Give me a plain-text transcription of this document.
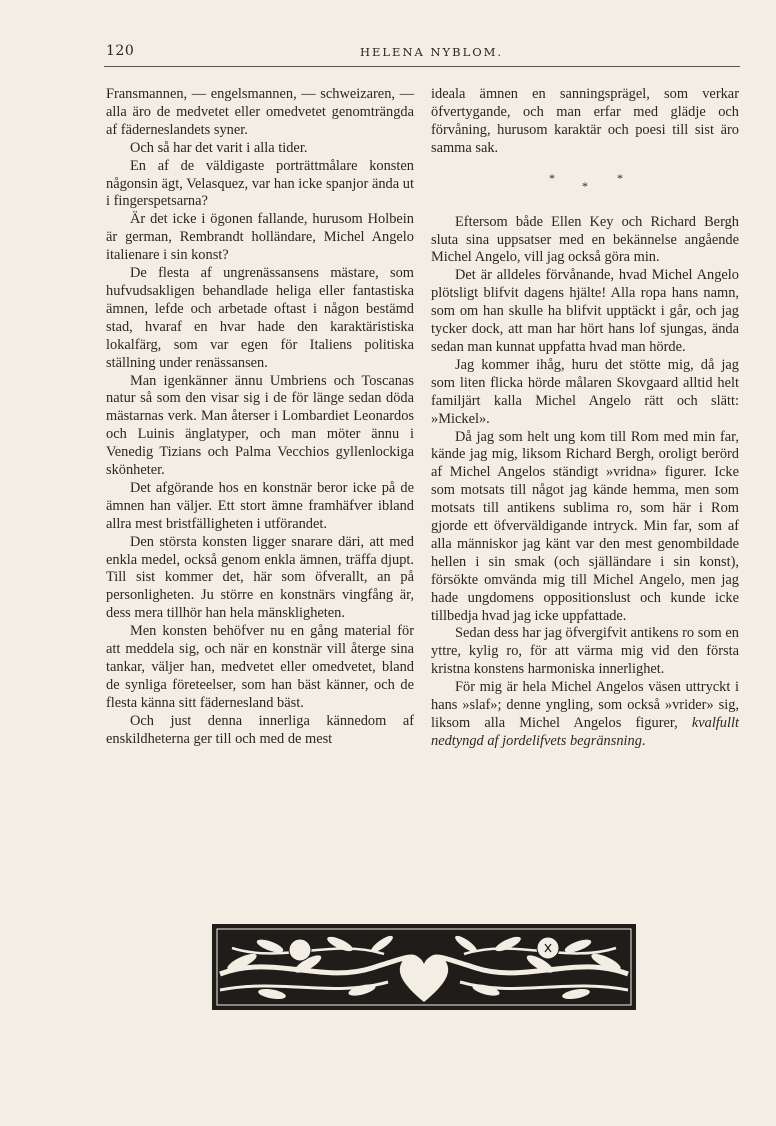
120	HELENA NYBLOM.

Fransmannen, — engelsmannen, — schweizaren, — alla äro de medvetet eller omedvetet genomträngda af fäderneslandets syner.

Och så har det varit i alla tider.

En af de väldigaste porträttmålare konsten någonsin ägt, Velasquez, var han icke spanjor ända ut i fingerspetsarna?

Är det icke i ögonen fallande, hurusom Holbein är german, Rembrandt holländare, Michel Angelo italienare i sin konst?

De flesta af ungrenässansens mästare, som hufvudsakligen behandlade heliga eller fantastiska ämnen, lefde och arbetade oftast i någon bestämd stad, hvaraf en hvar hade den karaktäristiska lokalfärg, som var egen för Italiens politiska ställning under renässansen.

Man igenkänner ännu Umbriens och Toscanas natur så som den visar sig i de för länge sedan döda mästarnas verk. Man återser i Lombardiet Leonardos och Luinis änglatyper, och man möter ännu i Venedig Tizians och Palma Vecchios gyllenlockiga skönheter.

Det afgörande hos en konstnär beror icke på de ämnen han väljer. Ett stort ämne framhäfver ibland allra mest bristfälligheten i utförandet.

Den största konsten ligger snarare däri, att med enkla medel, också genom enkla ämnen, träffa djupt. Till sist kommer det, här som öfverallt, an på personligheten. Ju större en konstnärs vingfång är, dess mera tillhör han hela mänskligheten.

Men konsten behöfver nu en gång material för att meddela sig, och när en konstnär vill återge sina tankar, väljer han, medvetet eller omedvetet, bland de synliga företeelser, som han bäst känner, och de flesta känna sitt fädernesland bäst.

Och just denna innerliga kännedom af enskildheterna ger till och med de mest

ideala ämnen en sanningsprägel, som verkar öfvertygande, och man erfar med glädje och förvåning, hurusom karaktär och poesi till sist äro samma sak.

*
*
*

Eftersom både Ellen Key och Richard Bergh sluta sina uppsatser med en bekännelse angående Michel Angelo, vill jag också göra min.

Det är alldeles förvånande, hvad Michel Angelo plötsligt blifvit dagens hjälte! Alla ropa hans namn, som om han skulle ha blifvit upptäckt i går, och jag tycker dock, att man har hört hans lof sjungas, ända sedan man kunnat uppfatta hvad man hörde.

Jag kommer ihåg, huru det stötte mig, då jag som liten flicka hörde målaren Skovgaard alltid helt familjärt kalla Michel Angelo rätt och slätt: »Mickel».

Då jag som helt ung kom till Rom med min far, kände jag mig, liksom Richard Bergh, oroligt berörd af Michel Angelos ständigt »vridna» figurer. Icke som motsats till något jag kände hemma, men som motsats till antikens sublima ro, som här i Rom gjorde ett öfverväldigande intryck. Min far, som af alla människor jag känt var den mest genombildade hellen i sin smak (och själländare i sin konst), försökte omvända mig till Michel Angelo, men jag hade ungdomens oppositionslust och kunde icke tillbedja hvad jag icke uppfattade.

Sedan dess har jag öfvergifvit antikens ro som en yttre, kylig ro, för att värma mig vid den första kristna konstens harmoniska innerlighet.

För mig är hela Michel Angelos väsen uttryckt i hans »slaf»; denne yngling, som också »vrider» sig, liksom alla Michel Angelos figurer, kvalfullt nedtyngd af jordelifvets begränsning.
